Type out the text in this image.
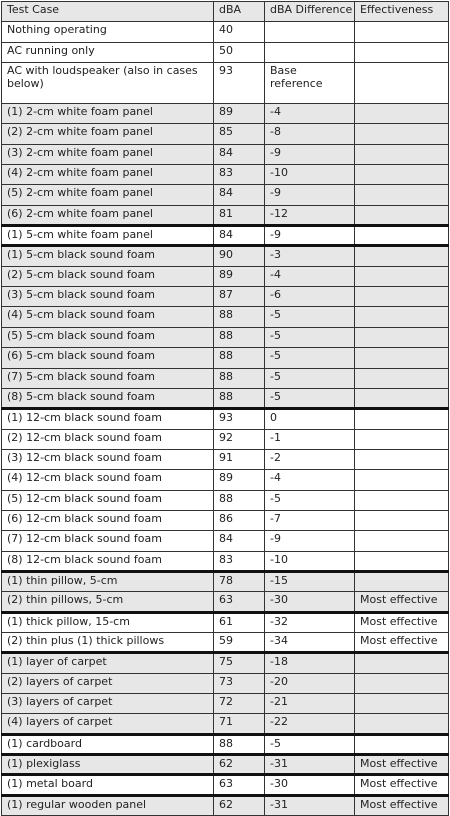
Test Case	dBA	dBA Difference	Effectiveness
Nothing operating	40		
AC running only	50		
AC with loudspeaker (also in cases below)	93	Base reference	
(1) 2-cm white foam panel	89	-4	
(2) 2-cm white foam panel	85	-8	
(3) 2-cm white foam panel	84	-9	
(4) 2-cm white foam panel	83	-10	
(5) 2-cm white foam panel	84	-9	
(6) 2-cm white foam panel	81	-12	
(1) 5-cm white foam panel	84	-9	
(1) 5-cm black sound foam	90	-3	
(2) 5-cm black sound foam	89	-4	
(3) 5-cm black sound foam	87	-6	
(4) 5-cm black sound foam	88	-5	
(5) 5-cm black sound foam	88	-5	
(6) 5-cm black sound foam	88	-5	
(7) 5-cm black sound foam	88	-5	
(8) 5-cm black sound foam	88	-5	
(1) 12-cm black sound foam	93	0	
(2) 12-cm black sound foam	92	-1	
(3) 12-cm black sound foam	91	-2	
(4) 12-cm black sound foam	89	-4	
(5) 12-cm black sound foam	88	-5	
(6) 12-cm black sound foam	86	-7	
(7) 12-cm black sound foam	84	-9	
(8) 12-cm black sound foam	83	-10	
(1) thin pillow, 5-cm	78	-15	
(2) thin pillows, 5-cm	63	-30	Most effective
(1) thick pillow, 15-cm	61	-32	Most effective
(2) thin plus (1) thick pillows	59	-34	Most effective
(1) layer of carpet	75	-18	
(2) layers of carpet	73	-20	
(3) layers of carpet	72	-21	
(4) layers of carpet	71	-22	
(1) cardboard	88	-5	
(1) plexiglass	62	-31	Most effective
(1) metal board	63	-30	Most effective
(1) regular wooden panel	62	-31	Most effective
